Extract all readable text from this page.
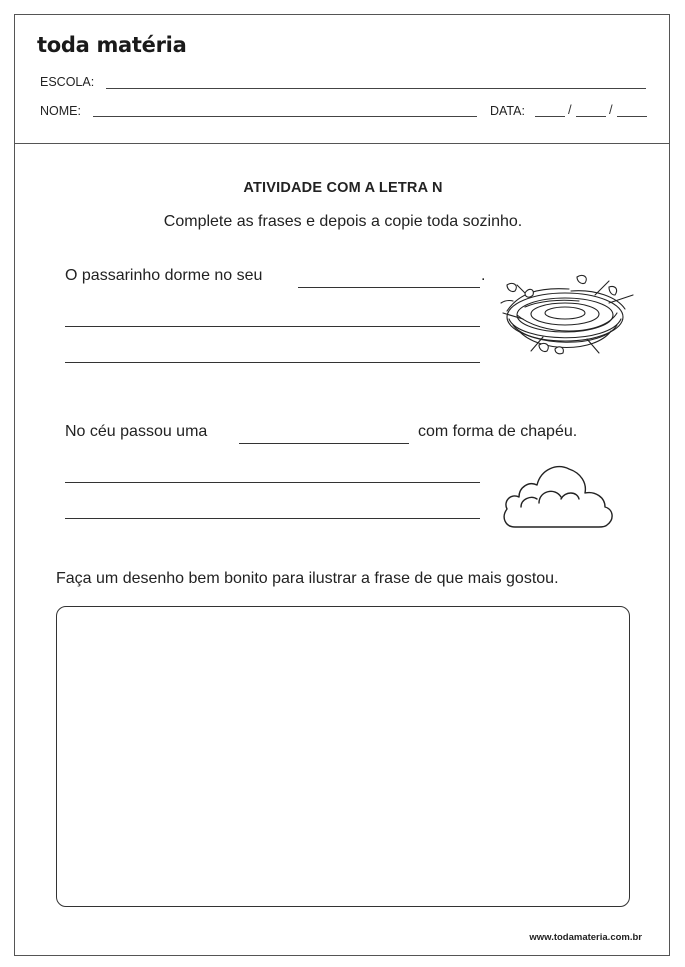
toda matéria
ESCOLA:
NOME:	DATA:	/	/
ATIVIDADE COM A LETRA N
Complete as frases e depois a copie toda sozinho.
O passarinho dorme no seu	.
No céu passou uma	com forma de chapéu.
Faça um desenho bem bonito para ilustrar a frase de que mais gostou.
www.todamateria.com.br
